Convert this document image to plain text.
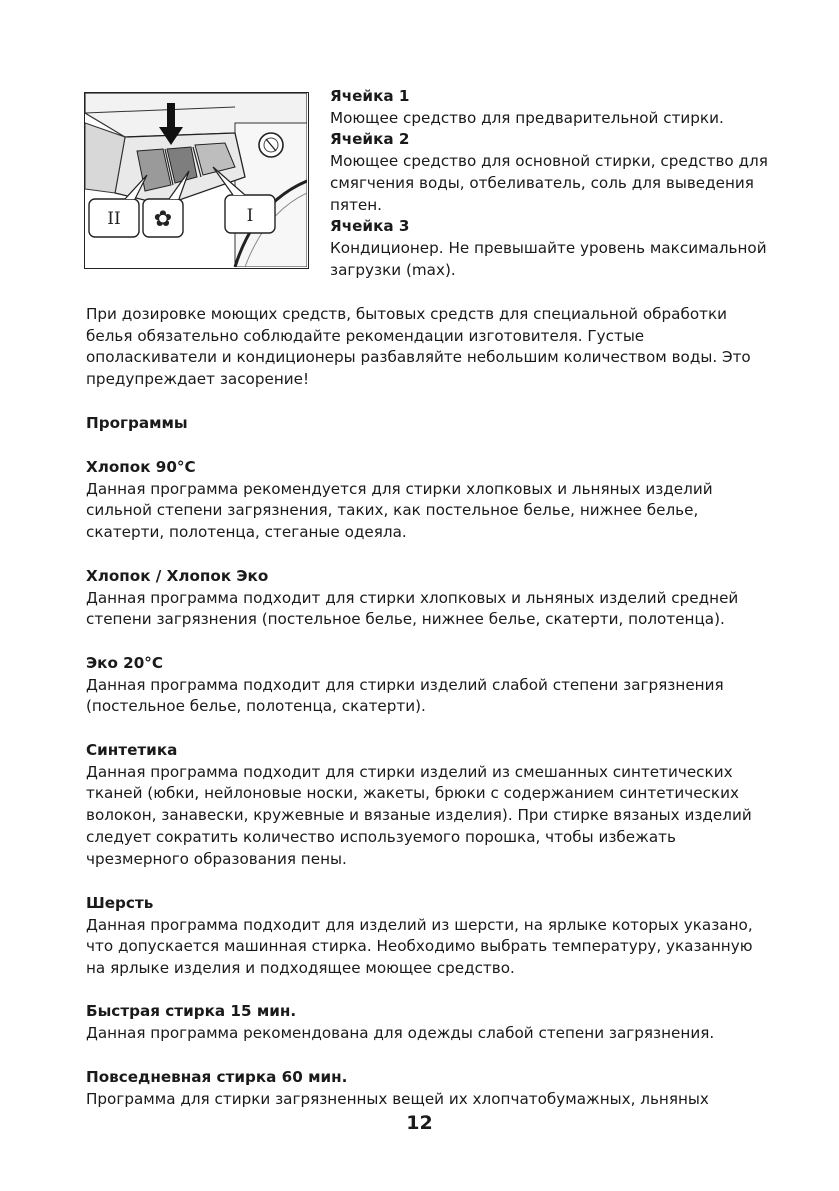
II ✿	I

Ячейка 1

Моющее средство для предварительной стирки.

Ячейка 2

Моющее средство для основной стирки, средство для смягчения воды, отбеливатель, соль для выведения пятен.

Ячейка 3

Кондиционер. Не превышайте уровень максимальной загрузки (max).

При дозировке моющих средств, бытовых средств для специальной обработки белья обязательно соблюдайте рекомендации изготовителя. Густые ополаскиватели и кондиционеры разбавляйте небольшим количеством воды. Это предупреждает засорение!

Программы

Хлопок 90°C

Данная программа рекомендуется для стирки хлопковых и льняных изделий сильной степени загрязнения, таких, как постельное белье, нижнее белье, скатерти, полотенца, стеганые одеяла.

Хлопок / Хлопок Эко

Данная программа подходит для стирки хлопковых и льняных изделий средней степени загрязнения (постельное белье, нижнее белье, скатерти, полотенца).

Эко 20°C

Данная программа подходит для стирки изделий слабой степени загрязнения (постельное белье, полотенца, скатерти).

Синтетика

Данная программа подходит для стирки изделий из смешанных синтетических тканей (юбки, нейлоновые носки, жакеты, брюки с содержанием синтетических волокон, занавески, кружевные и вязаные изделия). При стирке вязаных изделий следует сократить количество используемого порошка, чтобы избежать чрезмерного образования пены.

Шерсть

Данная программа подходит для изделий из шерсти, на ярлыке которых указано, что допускается машинная стирка. Необходимо выбрать температуру, указанную на ярлыке изделия и подходящее моющее средство.

Быстрая стирка 15 мин.

Данная программа рекомендована для одежды слабой степени загрязнения.

Повседневная стирка 60 мин.

Программа для стирки загрязненных вещей их хлопчатобумажных, льняных

12
